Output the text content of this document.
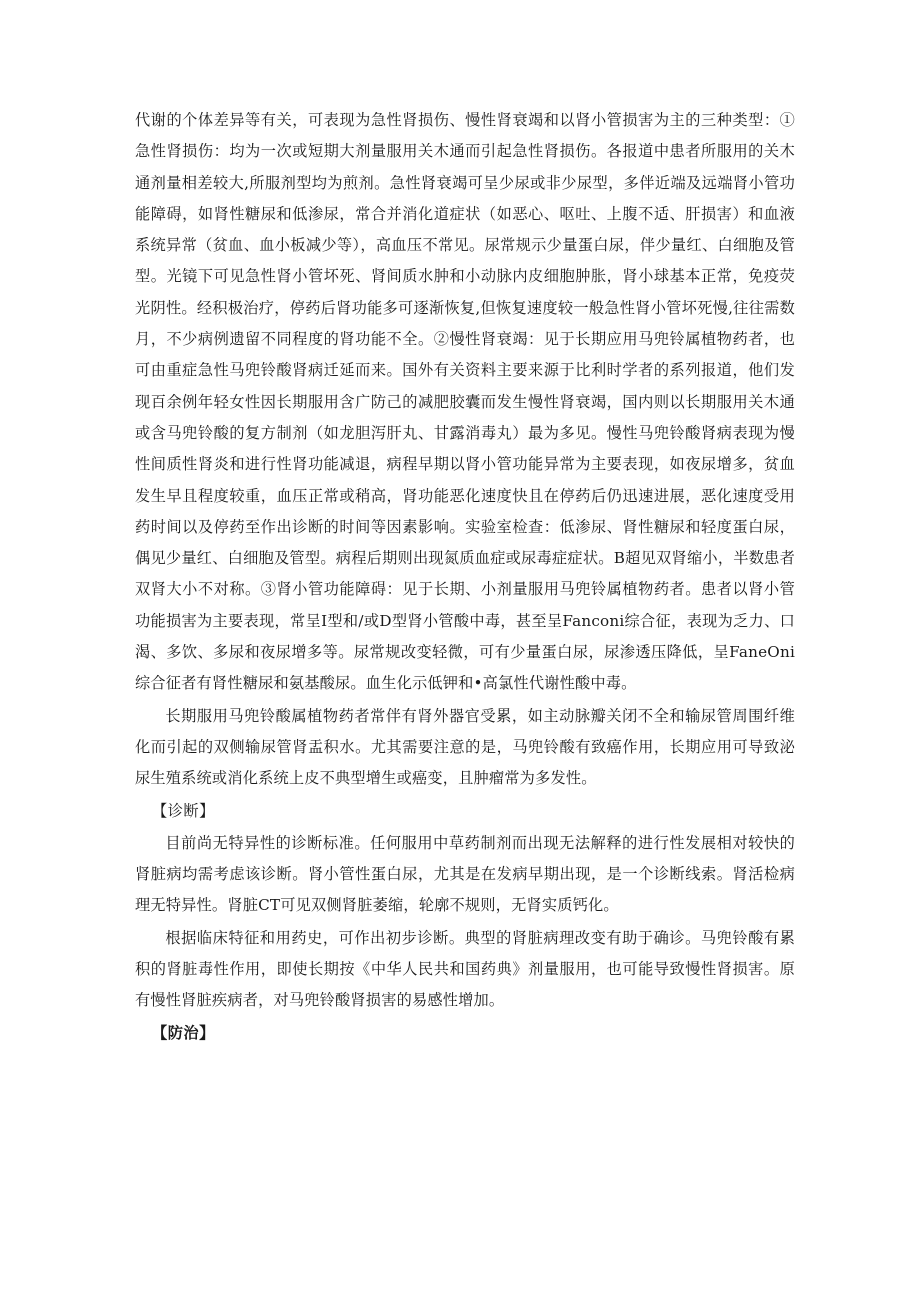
代谢的个体差异等有关，可表现为急性肾损伤、慢性肾衰竭和以肾小管损害为主的三种类型：①急性肾损伤：均为一次或短期大剂量服用关木通而引起急性肾损伤。各报道中患者所服用的关木通剂量相差较大,所服剂型均为煎剂。急性肾衰竭可呈少尿或非少尿型，多伴近端及远端肾小管功能障碍，如肾性糖尿和低渗尿，常合并消化道症状（如恶心、呕吐、上腹不适、肝损害）和血液系统异常（贫血、血小板减少等），高血压不常见。尿常规示少量蛋白尿，伴少量红、白细胞及管型。光镜下可见急性肾小管坏死、肾间质水肿和小动脉内皮细胞肿胀，肾小球基本正常，免疫荧光阴性。经积极治疗，停药后肾功能多可逐渐恢复,但恢复速度较一般急性肾小管坏死慢,往往需数月，不少病例遗留不同程度的肾功能不全。②慢性肾衰竭：见于长期应用马兜铃属植物药者，也可由重症急性马兜铃酸肾病迁延而来。国外有关资料主要来源于比利时学者的系列报道，他们发现百余例年轻女性因长期服用含广防己的减肥胶囊而发生慢性肾衰竭，国内则以长期服用关木通或含马兜铃酸的复方制剂（如龙胆泻肝丸、甘露消毒丸）最为多见。慢性马兜铃酸肾病表现为慢性间质性肾炎和进行性肾功能减退，病程早期以肾小管功能异常为主要表现，如夜尿增多，贫血发生早且程度较重，血压正常或稍高，肾功能恶化速度快且在停药后仍迅速进展，恶化速度受用药时间以及停药至作出诊断的时间等因素影响。实验室检查：低渗尿、肾性糖尿和轻度蛋白尿，偶见少量红、白细胞及管型。病程后期则出现氮质血症或尿毒症症状。B超见双肾缩小，半数患者双肾大小不对称。③肾小管功能障碍：见于长期、小剂量服用马兜铃属植物药者。患者以肾小管功能损害为主要表现，常呈I型和/或D型肾小管酸中毒，甚至呈Fanconi综合征，表现为乏力、口渴、多饮、多尿和夜尿增多等。尿常规改变轻微，可有少量蛋白尿，尿渗透压降低，呈FaneOni综合征者有肾性糖尿和氨基酸尿。血生化示低钾和•高氯性代谢性酸中毒。

长期服用马兜铃酸属植物药者常伴有肾外器官受累，如主动脉瓣关闭不全和输尿管周围纤维化而引起的双侧输尿管肾盂积水。尤其需要注意的是，马兜铃酸有致癌作用，长期应用可导致泌尿生殖系统或消化系统上皮不典型增生或癌变，且肿瘤常为多发性。

【诊断】

目前尚无特异性的诊断标准。任何服用中草药制剂而出现无法解释的进行性发展相对较快的肾脏病均需考虑该诊断。肾小管性蛋白尿，尤其是在发病早期出现，是一个诊断线索。肾活检病理无特异性。肾脏CT可见双侧肾脏萎缩，轮廓不规则，无肾实质钙化。

根据临床特征和用药史，可作出初步诊断。典型的肾脏病理改变有助于确诊。马兜铃酸有累积的肾脏毒性作用，即使长期按《中华人民共和国药典》剂量服用，也可能导致慢性肾损害。原有慢性肾脏疾病者，对马兜铃酸肾损害的易感性增加。

【防治】
